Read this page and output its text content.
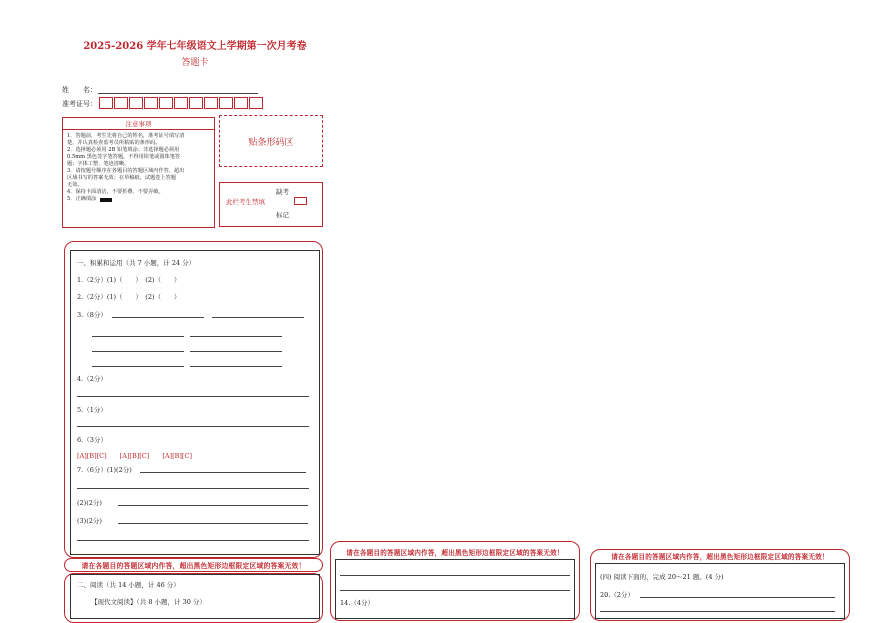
2025-2026 学年七年级语文上学期第一次月考卷
答题卡
姓　　名：
准考证号：
注意事项
1．答题前，考生先将自己的姓名，准考证号填写清
楚，并认真检查监考员所粘贴的条形码。
2．选择题必须用 2B 铅笔填涂；非选择题必须用
0.5mm 黑色签字笔答题，不得用铅笔或圆珠笔答
题；字体工整、笔迹清晰。
3．请按题号顺序在各题目的答题区域内作答，超出
区域书写的答案无效；在草稿纸、试题卷上答题
无效。
4．保持卡面清洁，不要折叠、不要弄破。
5．正确填涂
贴条形码区
缺考
此栏考生禁填
标记
一、积累和运用（共 7 小题，计 24 分）
1.（2分）(1)（　　）　(2)（　　）
2.（2分）(1)（　　）　(2)（　　）
3.（8分）
4.（2分）
5.（1分）
6.（3分）
[A][B][C]　　[A][B][C]　　[A][B][C]
7.（6分）(1)(2分)
(2)(2分)
(3)(2分)
请在各题目的答题区域内作答，超出黑色矩形边框限定区域的答案无效！
二、阅读（共 14 小题，计 46 分）
【现代文阅读】（共 8 小题，计 30 分）
请在各题目的答题区域内作答，超出黑色矩形边框限定区域的答案无效！
14.（4分）
请在各题目的答题区域内作答，超出黑色矩形边框限定区域的答案无效！
(四) 阅读下面的，完成 20～21 题。(4 分)
20.（2分）
